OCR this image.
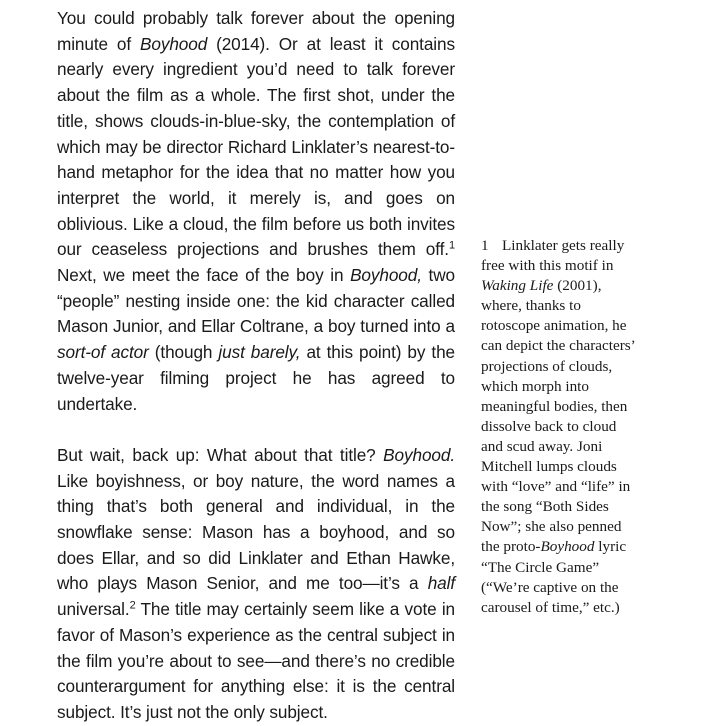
You could probably talk forever about the opening minute of Boyhood (2014). Or at least it contains nearly every ingredient you’d need to talk forever about the film as a whole. The first shot, under the title, shows clouds-in-blue-sky, the contemplation of which may be director Richard Linklater’s nearest-to-hand metaphor for the idea that no matter how you interpret the world, it merely is, and goes on oblivious. Like a cloud, the film before us both invites our ceaseless projections and brushes them off.$^1$ Next, we meet the face of the boy in Boyhood, two “people” nesting inside one: the kid character called Mason Junior, and Ellar Coltrane, a boy turned into a sort-of actor (though just barely, at this point) by the twelve-year filming project he has agreed to undertake.

But wait, back up: What about that title? Boyhood. Like boyishness, or boy nature, the word names a thing that’s both general and individual, in the snowflake sense: Mason has a boyhood, and so does Ellar, and so did Linklater and Ethan Hawke, who plays Mason Senior, and me too—it’s a half universal.$^2$ The title may certainly seem like a vote in favor of Mason’s experience as the central subject in the film you’re about to see—and there’s no credible counterargument for anything else: it is the central subject. It’s just not the only subject.

1 Linklater gets really free with this motif in Waking Life (2001), where, thanks to rotoscope animation, he can depict the characters’ projections of clouds, which morph into meaningful bodies, then dissolve back to cloud and scud away. Joni Mitchell lumps clouds with “love” and “life” in the song “Both Sides Now”; she also penned the proto-Boyhood lyric “The Circle Game” (“We’re captive on the carousel of time,” etc.)
